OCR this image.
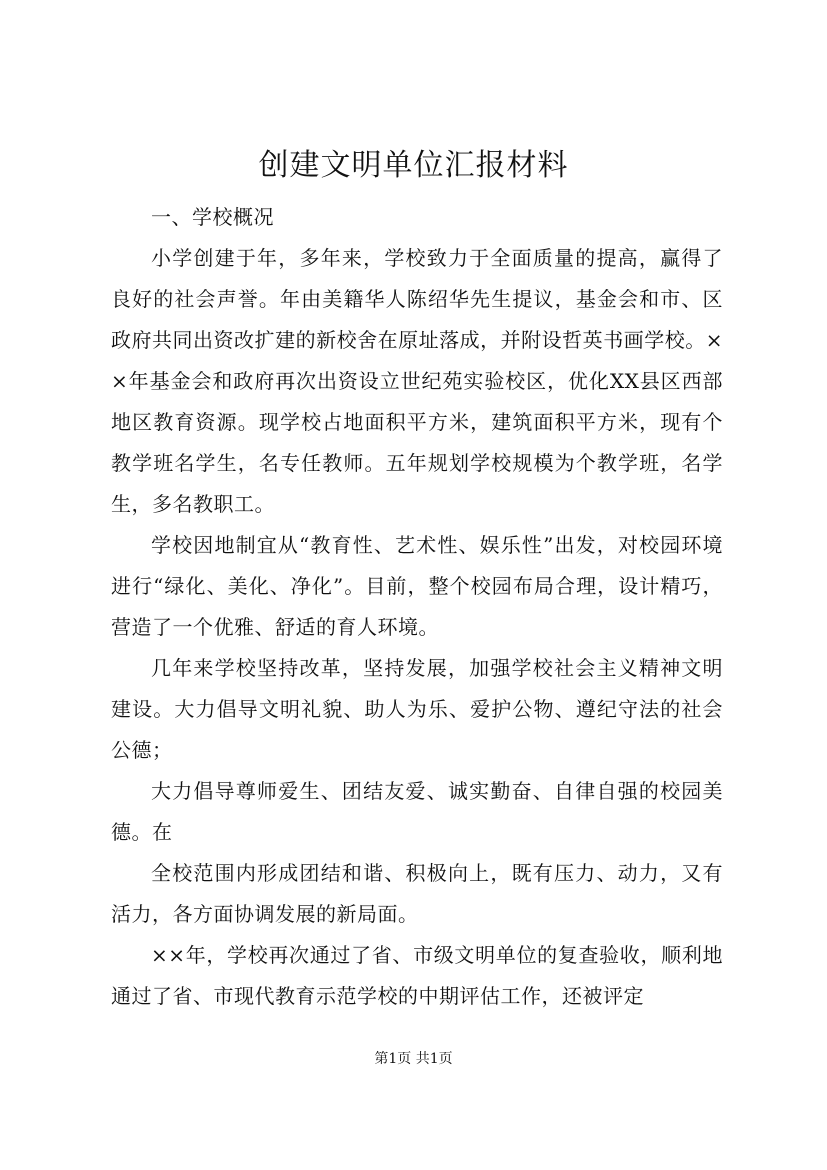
创建文明单位汇报材料

一、学校概况

小学创建于年，多年来，学校致力于全面质量的提高，赢得了良好的社会声誉。年由美籍华人陈绍华先生提议，基金会和市、区政府共同出资改扩建的新校舍在原址落成，并附设哲英书画学校。××年基金会和政府再次出资设立世纪苑实验校区，优化XX县区西部地区教育资源。现学校占地面积平方米，建筑面积平方米，现有个教学班名学生，名专任教师。五年规划学校规模为个教学班，名学生，多名教职工。

学校因地制宜从“教育性、艺术性、娱乐性”出发，对校园环境进行“绿化、美化、净化”。目前，整个校园布局合理，设计精巧，营造了一个优雅、舒适的育人环境。

几年来学校坚持改革，坚持发展，加强学校社会主义精神文明建设。大力倡导文明礼貌、助人为乐、爱护公物、遵纪守法的社会公德；

大力倡导尊师爱生、团结友爱、诚实勤奋、自律自强的校园美德。在

全校范围内形成团结和谐、积极向上，既有压力、动力，又有活力，各方面协调发展的新局面。

××年，学校再次通过了省、市级文明单位的复查验收，顺利地通过了省、市现代教育示范学校的中期评估工作，还被评定

第1页 共1页
